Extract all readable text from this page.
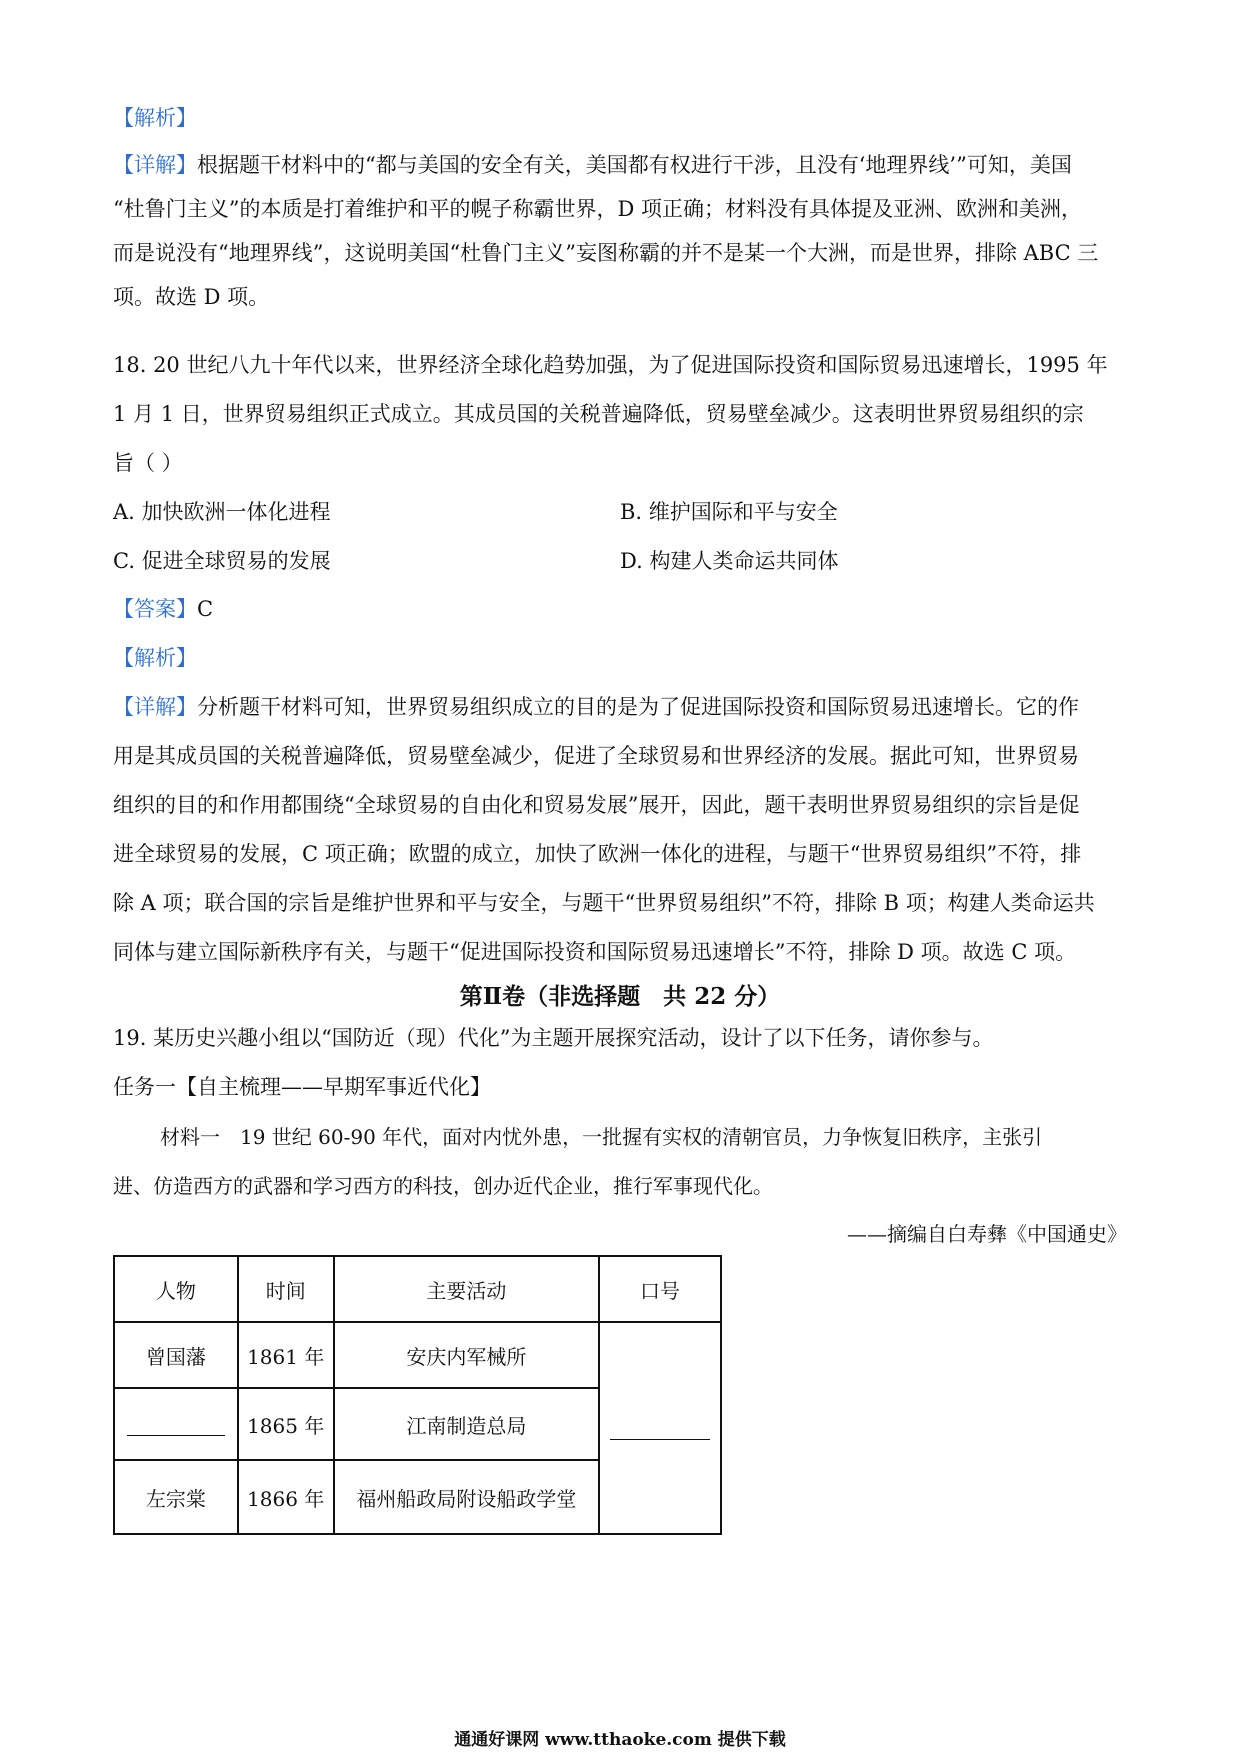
【解析】
【详解】根据题干材料中的“都与美国的安全有关，美国都有权进行干涉，且没有‘地理界线’”可知，美国
“杜鲁门主义”的本质是打着维护和平的幌子称霸世界，D 项正确；材料没有具体提及亚洲、欧洲和美洲，
而是说没有“地理界线”，这说明美国“杜鲁门主义”妄图称霸的并不是某一个大洲，而是世界，排除 ABC 三
项。故选 D 项。
18. 20 世纪八九十年代以来，世界经济全球化趋势加强，为了促进国际投资和国际贸易迅速增长，1995 年
1 月 1 日，世界贸易组织正式成立。其成员国的关税普遍降低，贸易壁垒减少。这表明世界贸易组织的宗
旨（ ）
A. 加快欧洲一体化进程	B. 维护国际和平与安全
C. 促进全球贸易的发展	D. 构建人类命运共同体
【答案】C
【解析】
【详解】分析题干材料可知，世界贸易组织成立的目的是为了促进国际投资和国际贸易迅速增长。它的作
用是其成员国的关税普遍降低，贸易壁垒减少，促进了全球贸易和世界经济的发展。据此可知，世界贸易
组织的目的和作用都围绕“全球贸易的自由化和贸易发展”展开，因此，题干表明世界贸易组织的宗旨是促
进全球贸易的发展，C 项正确；欧盟的成立，加快了欧洲一体化的进程，与题干“世界贸易组织”不符，排
除 A 项；联合国的宗旨是维护世界和平与安全，与题干“世界贸易组织”不符，排除 B 项；构建人类命运共
同体与建立国际新秩序有关，与题干“促进国际投资和国际贸易迅速增长”不符，排除 D 项。故选 C 项。
第Ⅱ卷（非选择题　共 22 分）
19. 某历史兴趣小组以“国防近（现）代化”为主题开展探究活动，设计了以下任务，请你参与。
任务一【自主梳理——早期军事近代化】
材料一　19 世纪 60-90 年代，面对内忧外患，一批握有实权的清朝官员，力争恢复旧秩序，主张引
进、仿造西方的武器和学习西方的科技，创办近代企业，推行军事现代化。
——摘编自白寿彝《中国通史》
人物	时间	主要活动	口号
曾国藩	1861 年	安庆内军械所	
	1865 年	江南制造总局	
左宗棠	1866 年	福州船政局附设船政学堂	
通通好课网 www.tthaoke.com 提供下载
